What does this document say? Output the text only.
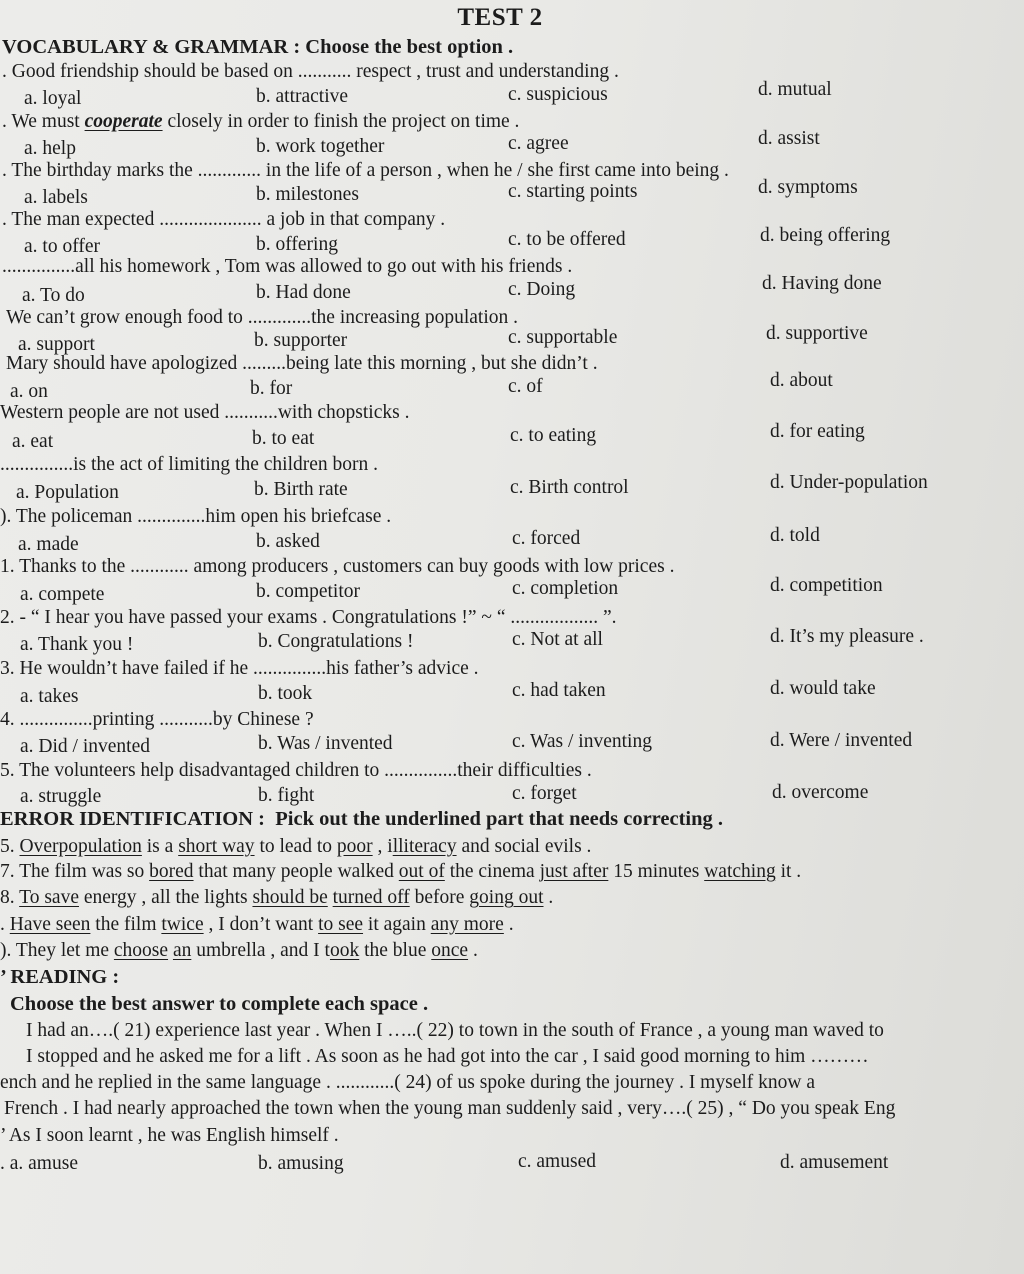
TEST 2
VOCABULARY & GRAMMAR : Choose the best option .
. Good friendship should be based on ........... respect , trust and understanding .
a. loyal	b. attractive	c. suspicious	d. mutual
. We must cooperate closely in order to finish the project on time .
a. help	b. work together	c. agree	d. assist
. The birthday marks the ............. in the life of a person , when he / she first came into being .
a. labels	b. milestones	c. starting points	d. symptoms
. The man expected ..................... a job in that company .
a. to offer	b. offering	c. to be offered	d. being offering
...............all his homework , Tom was allowed to go out with his friends .
a. To do	b. Had done	c. Doing	d. Having done
We can’t grow enough food to .............the increasing population .
a. support	b. supporter	c. supportable	d. supportive
Mary should have apologized .........being late this morning , but she didn’t .
a. on	b. for	c. of	d. about
Western people are not used ...........with chopsticks .
a. eat	b. to eat	c. to eating	d. for eating
...............is the act of limiting the children born .
a. Population	b. Birth rate	c. Birth control	d. Under-population
). The policeman ..............him open his briefcase .
a. made	b. asked	c. forced	d. told
1. Thanks to the ............ among producers , customers can buy goods with low prices .
a. compete	b. competitor	c. completion	d. competition
2. - “ I hear you have passed your exams . Congratulations !” ~ “ .................. ”.
a. Thank you !	b. Congratulations !	c. Not at all	d. It’s my pleasure .
3. He wouldn’t have failed if he ...............his father’s advice .
a. takes	b. took	c. had taken	d. would take
4. ...............printing ...........by Chinese ?
a. Did / invented	b. Was / invented	c. Was / inventing	d. Were / invented
5. The volunteers help disadvantaged children to ...............their difficulties .
a. struggle	b. fight	c. forget	d. overcome
ERROR IDENTIFICATION : Pick out the underlined part that needs correcting .
5. Overpopulation is a short way to lead to poor , illiteracy and social evils .
7. The film was so bored that many people walked out of the cinema just after 15 minutes watching it .
8. To save energy , all the lights should be turned off before going out .
. Have seen the film twice , I don’t want to see it again any more .
). They let me choose an umbrella , and I took the blue once .
’ READING :
Choose the best answer to complete each space .
I had an….( 21) experience last year . When I …..( 22) to town in the south of France , a young man waved to
I stopped and he asked me for a lift . As soon as he had got into the car , I said good morning to him ………
ench and he replied in the same language . ............( 24) of us spoke during the journey . I myself know a
French . I had nearly approached the town when the young man suddenly said , very….( 25) , “ Do you speak Eng
’ As I soon learnt , he was English himself .
. a. amuse	b. amusing	c. amused	d. amusement
